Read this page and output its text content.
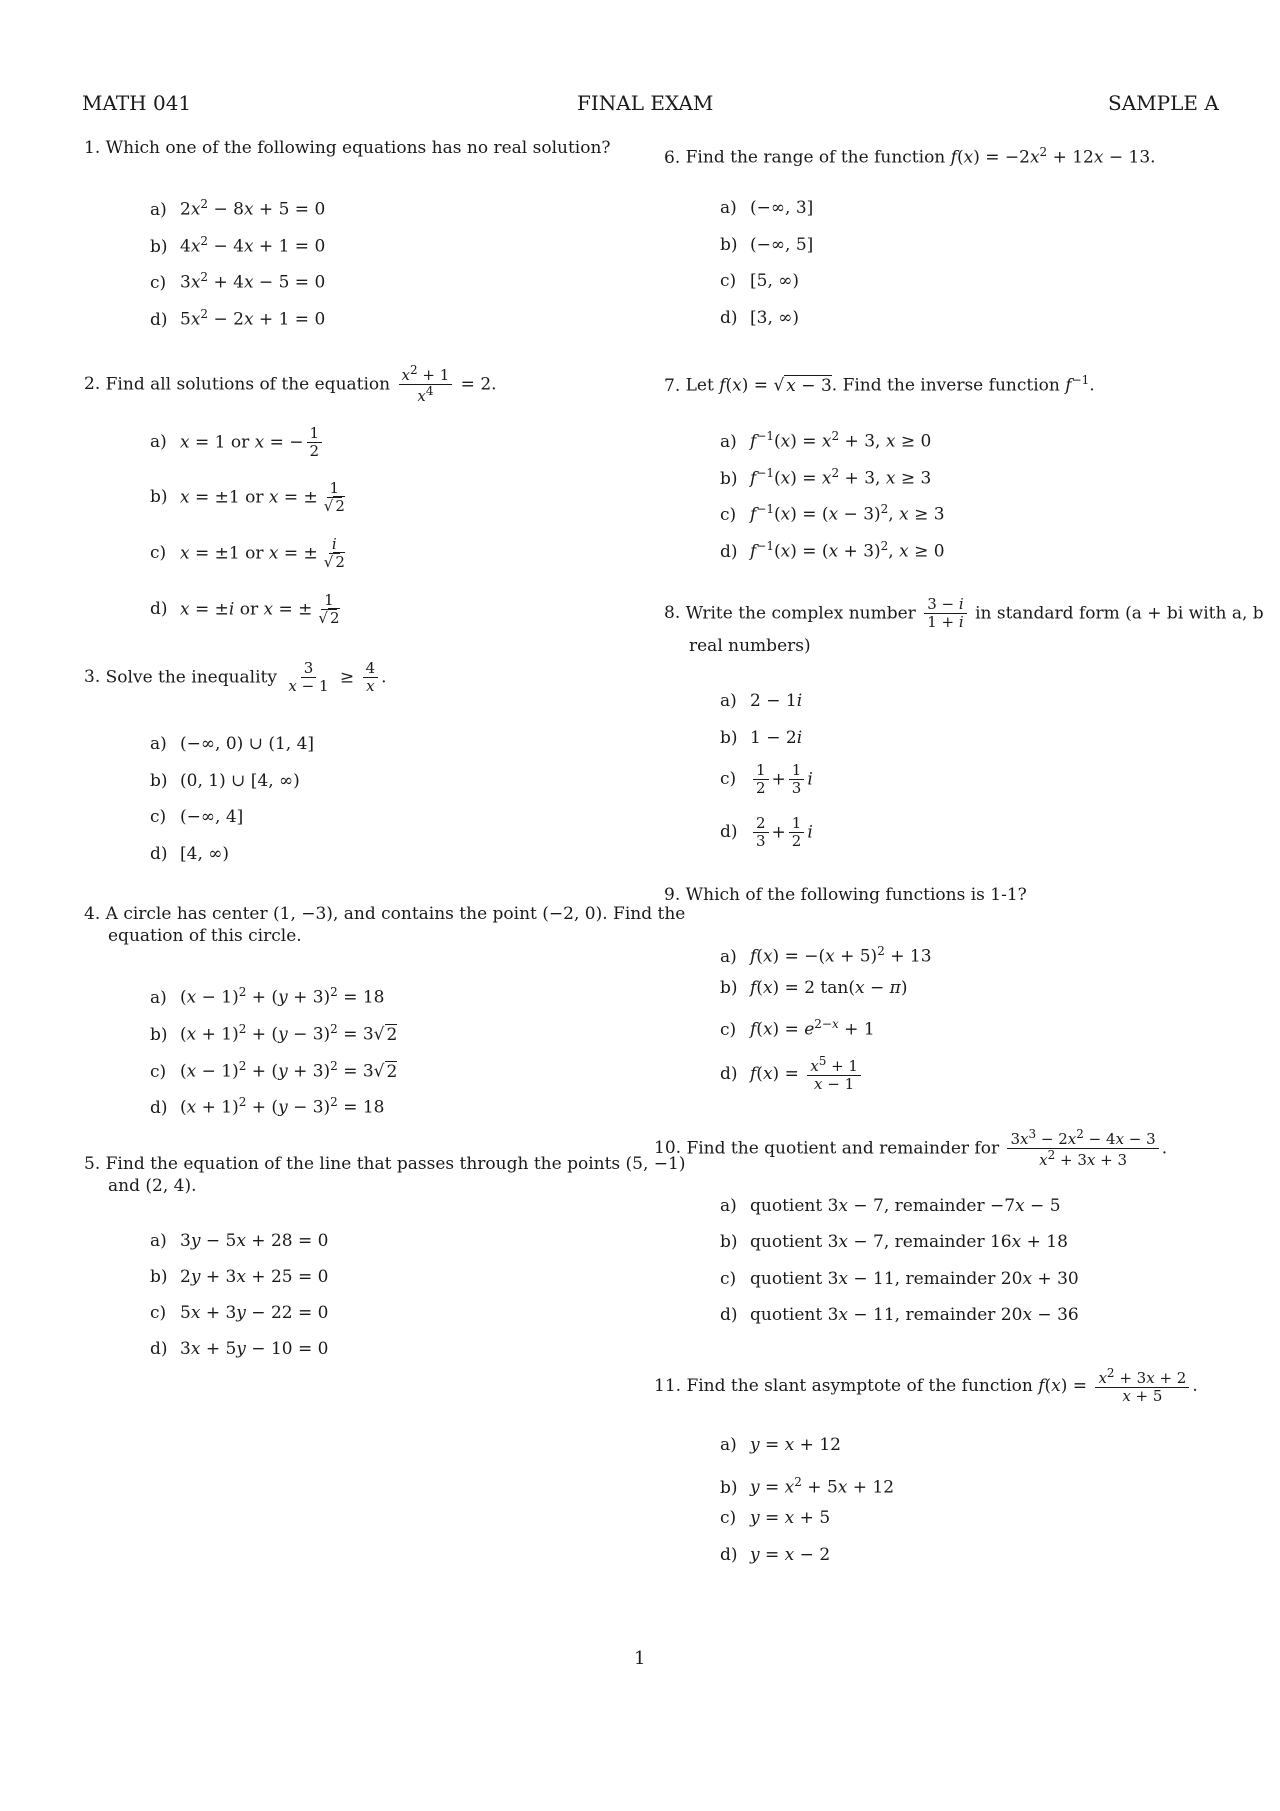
MATH 041	FINAL EXAM	SAMPLE A
1. Which one of the following equations has no real solution?
a) $2x^2 - 8x + 5 = 0$
b) $4x^2 - 4x + 1 = 0$
c) $3x^2 + 4x - 5 = 0$
d) $5x^2 - 2x + 1 = 0$
2. Find all solutions of the equation $\frac{x^2 + 1}{x^4} = 2$.
a) x = 1 or x = − $\frac{1}{2}$
b) x = ±1 or x = ± $\frac{1}{√ 2}$
c) x = ±1 or x = ± $\frac{i}{√ 2}$
d) x = ±i or x = ± $\frac{1}{√ 2}$
3. Solve the inequality $\frac{3}{x - 1} \ge \frac{4}{x}$ .
a) (−∞, 0) ∪ (1, 4]
b) (0, 1) ∪ [4, ∞)
c) (−∞, 4]
d) [4, ∞)
4. A circle has center (1, −3), and contains the point (−2, 0). Find the
equation of this circle.
a) $(x - 1)^2 + (y + 3)^2 = 18$
b) $(x + 1)^2 + (y - 3)^2 = 3√$ 2
c) $(x - 1)^2 + (y + 3)^2 = 3√$ 2
d) $(x + 1)^2 + (y - 3)^2 = 18$
5. Find the equation of the line that passes through the points (5, −1)
and (2, 4).
a) 3y − 5x + 28 = 0
b) 2y + 3x + 25 = 0
c) 5x + 3y − 22 = 0
d) 3x + 5y − 10 = 0
6. Find the range of the function $f(x) = -2x^2 + 12x - 13$.
a) (−∞, 3]
b) (−∞, 5]
c) [5, ∞)
d) [3, ∞)
7. Let f(x) = √ x − 3. Find the inverse function $f^{-1}$.
a) $f^{-1}(x) = x^2 + 3$, x ≥ 0
b) $f^{-1}(x) = x^2 + 3$, x ≥ 3
c) $f^{-1}(x) = (x - 3)^2$, x ≥ 3
d) $f^{-1}(x) = (x + 3)^2$, x ≥ 0
8. Write the complex number $\frac{3 - i}{1 + i}$ in standard form (a + bi with a, b
real numbers)
a) 2 − 1i
b) 1 − 2i
$c) \frac{1}{2} + \frac{1}{3}$ i
$d) \frac{2}{3} + \frac{1}{2}$ i
9. Which of the following functions is 1-1?
a) $f(x) = -(x + 5)^2 + 13$
b) f(x) = 2 tan(x − π)
c) $f(x) = e^{2-x} + 1$
d) $f(x) = \frac{x^5 + 1}{x - 1}$
10. Find the quotient and remainder for $\frac{3x^3 - 2x^2 - 4x - 3}{x^2 + 3x + 3}$ .
a) quotient 3x − 7, remainder −7x − 5
b) quotient 3x − 7, remainder 16x + 18
c) quotient 3x − 11, remainder 20x + 30
d) quotient 3x − 11, remainder 20x − 36
11. Find the slant asymptote of the function $f(x) = \frac{x^2 + 3x + 2}{x + 5}$ .
a) y = x + 12
b) $y = x^2 + 5x + 12$
c) y = x + 5
d) y = x − 2
1
